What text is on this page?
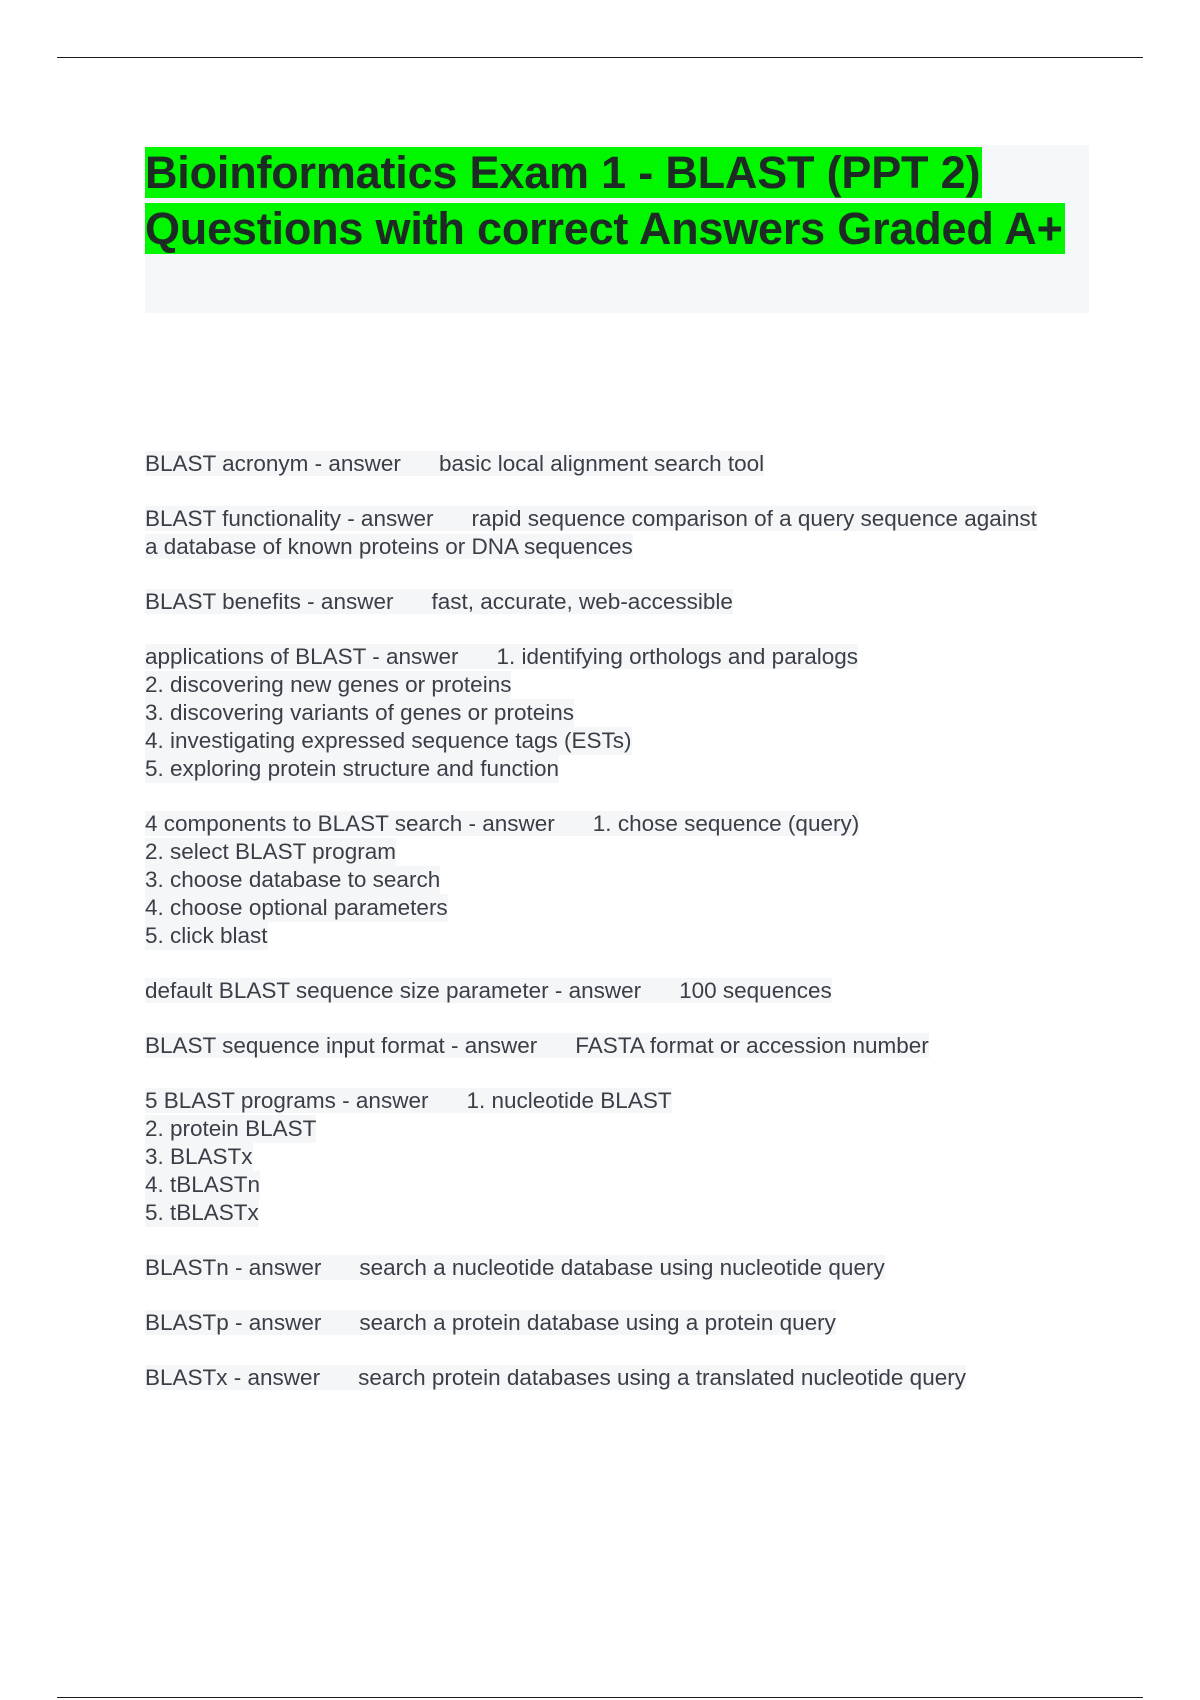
Bioinformatics Exam 1 - BLAST (PPT 2) Questions with correct Answers Graded A+

BLAST acronym - answer basic local alignment search tool

BLAST functionality - answer rapid sequence comparison of a query sequence against a database of known proteins or DNA sequences

BLAST benefits - answer fast, accurate, web-accessible

applications of BLAST - answer 1. identifying orthologs and paralogs
2. discovering new genes or proteins
3. discovering variants of genes or proteins
4. investigating expressed sequence tags (ESTs)
5. exploring protein structure and function

4 components to BLAST search - answer 1. chose sequence (query)
2. select BLAST program
3. choose database to search
4. choose optional parameters
5. click blast

default BLAST sequence size parameter - answer 100 sequences

BLAST sequence input format - answer FASTA format or accession number

5 BLAST programs - answer 1. nucleotide BLAST
2. protein BLAST
3. BLASTx
4. tBLASTn
5. tBLASTx

BLASTn - answer search a nucleotide database using nucleotide query

BLASTp - answer search a protein database using a protein query

BLASTx - answer search protein databases using a translated nucleotide query
